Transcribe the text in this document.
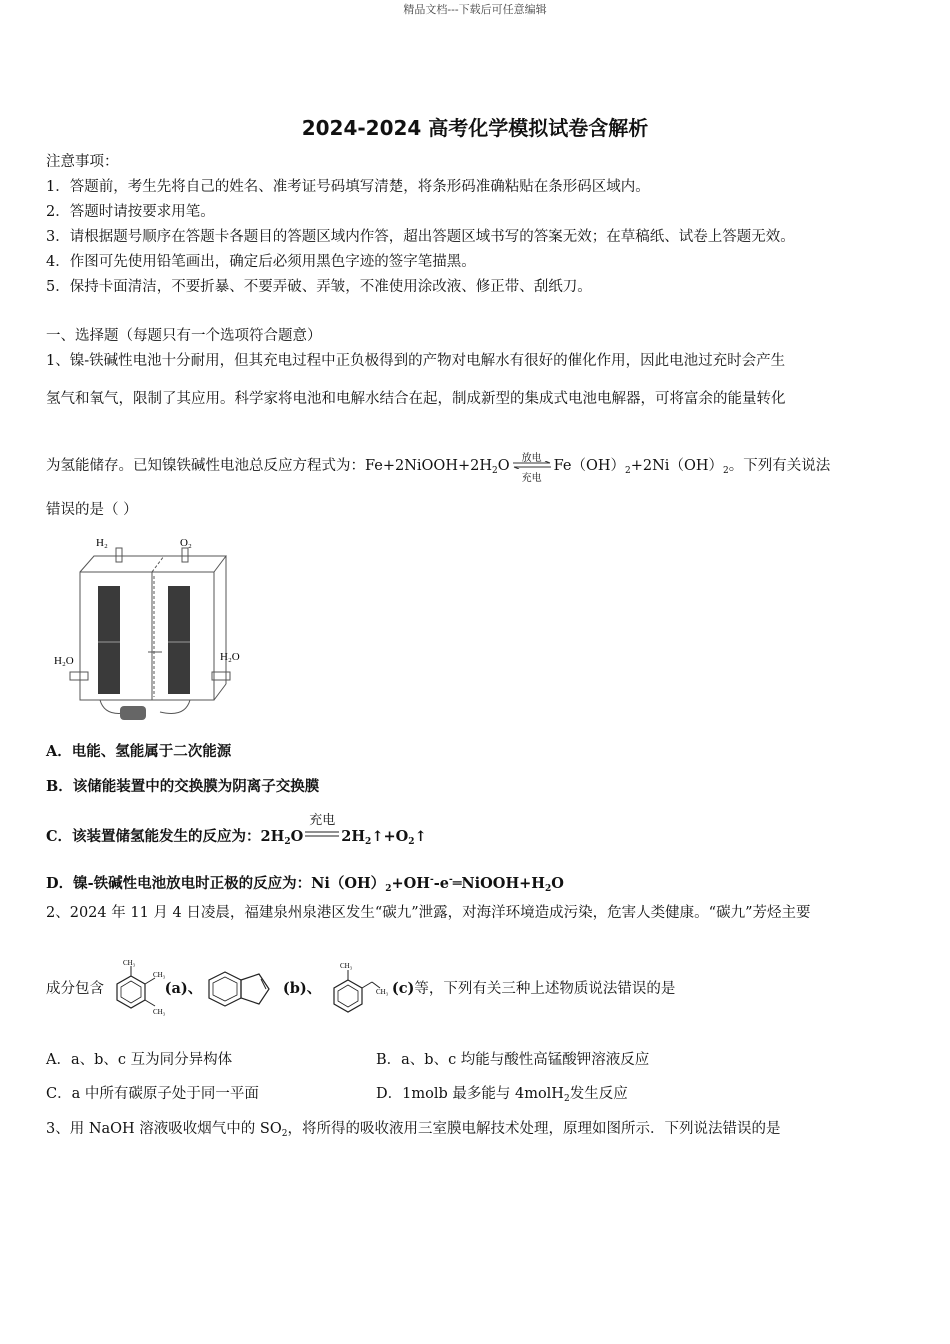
精品文档---下载后可任意编辑
2024-2024 高考化学模拟试卷含解析
注意事项：
1．答题前，考生先将自己的姓名、准考证号码填写清楚，将条形码准确粘贴在条形码区域内。
2．答题时请按要求用笔。
3．请根据题号顺序在答题卡各题目的答题区域内作答，超出答题区域书写的答案无效；在草稿纸、试卷上答题无效。
4．作图可先使用铅笔画出，确定后必须用黑色字迹的签字笔描黑。
5．保持卡面清洁，不要折暴、不要弄破、弄皱，不准使用涂改液、修正带、刮纸刀。
一、选择题（每题只有一个选项符合题意）
1、镍-铁碱性电池十分耐用，但其充电过程中正负极得到的产物对电解水有很好的催化作用，因此电池过充时会产生
氢气和氧气，限制了其应用。科学家将电池和电解水结合在起，制成新型的集成式电池电解器，可将富余的能量转化
为氢能储存。已知镍铁碱性电池总反应方程式为：$Fe+2NiOOH+2H_2O$	放电
充电
$Fe(OH)_2+2Ni(OH)_2$。下列有关说法
错误的是（ ）
H₂	O₂
H₂O	H₂O
A．电能、氢能属于二次能源
B．该储能装置中的交换膜为阴离子交换膜
C．该装置储氢能发生的反应为：$2H_2O$
充电
$2H_2↑+O_2↑$
D．镍-铁碱性电池放电时正极的反应为：$Ni(OH)_2+OH^--e^-═NiOOH+H_2O$
2、2024 年 11 月 4 日凌晨，福建泉州泉港区发生“碳九”泄露，对海洋环境造成污染，危害人类健康。“碳九”芳烃主要
成分包含
CH₃
CH₃
CH₃
(a)、	(b)、
CH₃
CH₃ (c)等，下列有关三种上述物质说法错误的是
A．a、b、c 互为同分异构体	B．a、b、c 均能与酸性高锰酸钾溶液反应
C．a 中所有碳原子处于同一平面	D．1molb 最多能与 4molH$_2$发生反应
3、用 NaOH 溶液吸收烟气中的 $SO_2$，将所得的吸收液用三室膜电解技术处理，原理如图所示．下列说法错误的是
